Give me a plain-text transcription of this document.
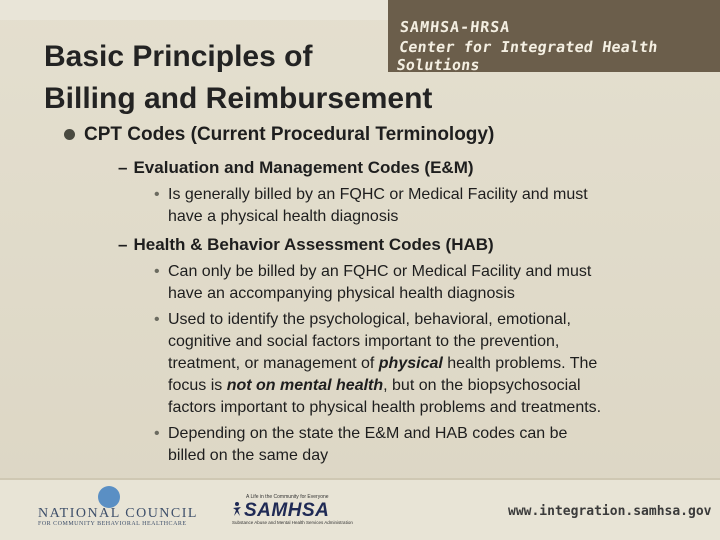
SAMHSA-HRSA
Center for Integrated Health Solutions
Basic Principles of
Billing and Reimbursement
CPT Codes (Current Procedural Terminology)
– Evaluation and Management Codes (E&M)
• Is generally billed by an FQHC or Medical Facility and must
have a physical health diagnosis
– Health & Behavior Assessment Codes (HAB)
• Can only be billed by an FQHC or Medical Facility and must
have an accompanying physical health diagnosis
• Used to identify the psychological, behavioral, emotional,
cognitive and social factors important to the prevention,
treatment, or management of physical health problems. The
focus is not on mental health, but on the biopsychosocial
factors important to physical health problems and treatments.
• Depending on the state the E&M and HAB codes can be
billed on the same day
NATIONAL COUNCIL
FOR COMMUNITY BEHAVIORAL HEALTHCARE
A Life in the Community for Everyone
SAMHSA
Substance Abuse and Mental Health Services Administration
www.integration.samhsa.gov
